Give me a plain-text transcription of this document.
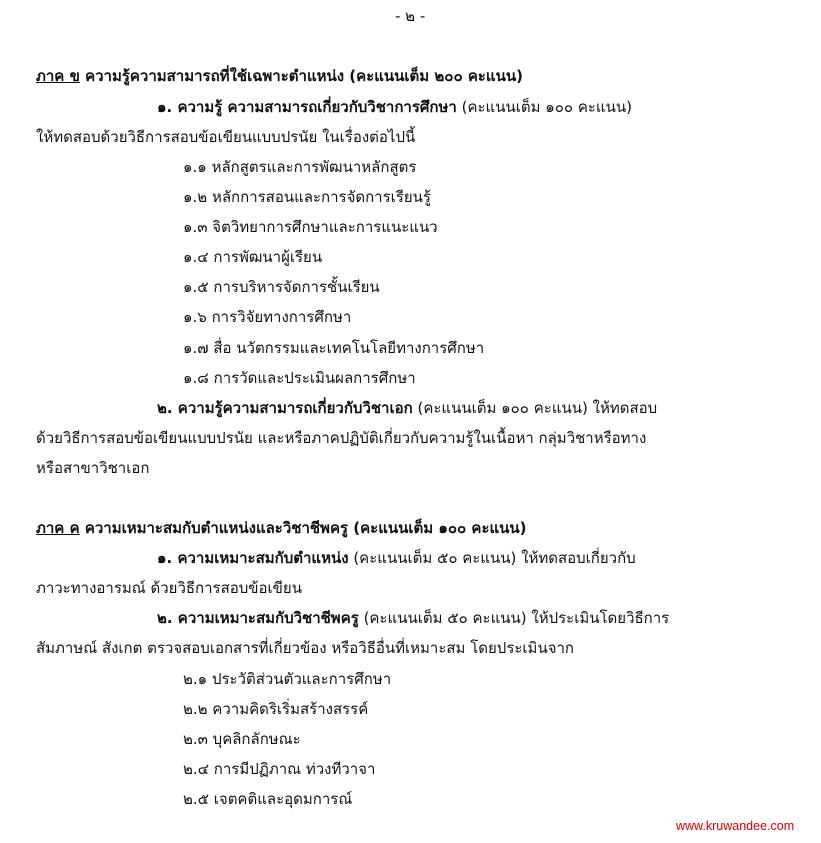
- ๒ -
ภาค ข ความรู้ความสามารถที่ใช้เฉพาะตำแหน่ง (คะแนนเต็ม ๒๐๐ คะแนน)
๑. ความรู้ ความสามารถเกี่ยวกับวิชาการศึกษา (คะแนนเต็ม ๑๐๐ คะแนน)
ให้ทดสอบด้วยวิธีการสอบข้อเขียนแบบปรนัย ในเรื่องต่อไปนี้
๑.๑ หลักสูตรและการพัฒนาหลักสูตร
๑.๒ หลักการสอนและการจัดการเรียนรู้
๑.๓ จิตวิทยาการศึกษาและการแนะแนว
๑.๔ การพัฒนาผู้เรียน
๑.๕ การบริหารจัดการชั้นเรียน
๑.๖ การวิจัยทางการศึกษา
๑.๗ สื่อ นวัตกรรมและเทคโนโลยีทางการศึกษา
๑.๘ การวัดและประเมินผลการศึกษา
๒. ความรู้ความสามารถเกี่ยวกับวิชาเอก (คะแนนเต็ม ๑๐๐ คะแนน) ให้ทดสอบ
ด้วยวิธีการสอบข้อเขียนแบบปรนัย และหรือภาคปฏิบัติเกี่ยวกับความรู้ในเนื้อหา กลุ่มวิชาหรือทาง
หรือสาขาวิชาเอก
ภาค ค ความเหมาะสมกับตำแหน่งและวิชาชีพครู (คะแนนเต็ม ๑๐๐ คะแนน)
๑. ความเหมาะสมกับตำแหน่ง (คะแนนเต็ม ๕๐ คะแนน) ให้ทดสอบเกี่ยวกับ
ภาวะทางอารมณ์ ด้วยวิธีการสอบข้อเขียน
๒. ความเหมาะสมกับวิชาชีพครู (คะแนนเต็ม ๕๐ คะแนน) ให้ประเมินโดยวิธีการ
สัมภาษณ์ สังเกต ตรวจสอบเอกสารที่เกี่ยวข้อง หรือวิธีอื่นที่เหมาะสม โดยประเมินจาก
๒.๑ ประวัติส่วนตัวและการศึกษา
๒.๒ ความคิดริเริ่มสร้างสรรค์
๒.๓ บุคลิกลักษณะ
๒.๔ การมีปฏิภาณ ท่วงทีวาจา
๒.๕ เจตคติและอุดมการณ์
www.kruwandee.com
